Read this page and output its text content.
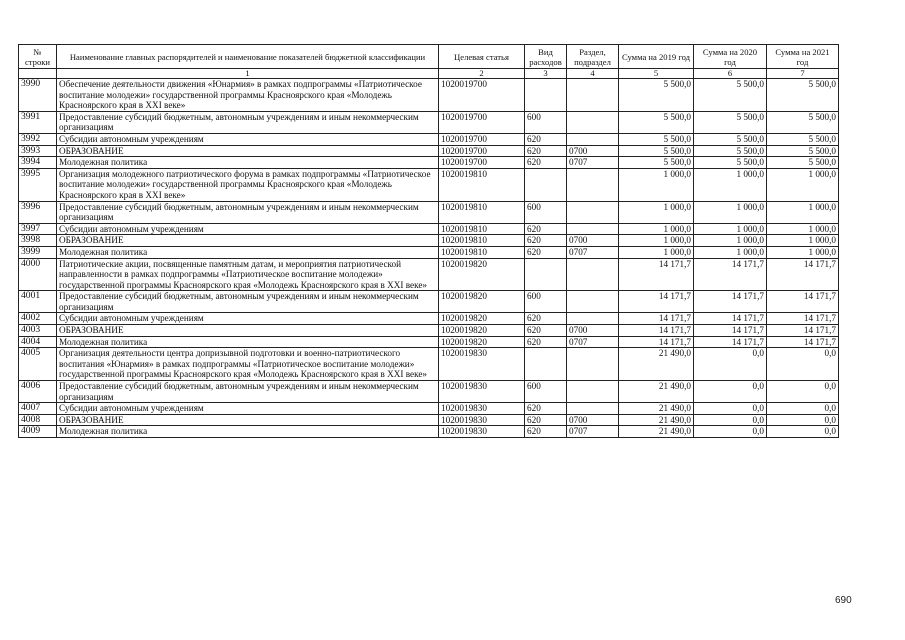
№ строки	Наименование главных распорядителей и наименование показателей бюджетной классификации	Целевая статья	Вид расходов	Раздел, подраздел	Сумма на 2019 год	Сумма на 2020 год	Сумма на 2021 год
	1	2	3	4	5	6	7
3990	Обеспечение деятельности движения «Юнармия» в рамках подпрограммы «Патриотическое воспитание молодежи» государственной программы Красноярского края «Молодежь Красноярского края в XXI веке»	1020019700			5 500,0	5 500,0	5 500,0
3991	Предоставление субсидий бюджетным, автономным учреждениям и иным некоммерческим организациям	1020019700	600		5 500,0	5 500,0	5 500,0
3992	Субсидии автономным учреждениям	1020019700	620		5 500,0	5 500,0	5 500,0
3993	ОБРАЗОВАНИЕ	1020019700	620	0700	5 500,0	5 500,0	5 500,0
3994	Молодежная политика	1020019700	620	0707	5 500,0	5 500,0	5 500,0
3995	Организация молодежного патриотического форума в рамках подпрограммы «Патриотическое воспитание молодежи» государственной программы Красноярского края «Молодежь Красноярского края в XXI веке»	1020019810			1 000,0	1 000,0	1 000,0
3996	Предоставление субсидий бюджетным, автономным учреждениям и иным некоммерческим организациям	1020019810	600		1 000,0	1 000,0	1 000,0
3997	Субсидии автономным учреждениям	1020019810	620		1 000,0	1 000,0	1 000,0
3998	ОБРАЗОВАНИЕ	1020019810	620	0700	1 000,0	1 000,0	1 000,0
3999	Молодежная политика	1020019810	620	0707	1 000,0	1 000,0	1 000,0
4000	Патриотические акции, посвященные памятным датам, и мероприятия патриотической направленности в рамках подпрограммы «Патриотическое воспитание молодежи» государственной программы Красноярского края «Молодежь Красноярского края в XXI веке»	1020019820			14 171,7	14 171,7	14 171,7
4001	Предоставление субсидий бюджетным, автономным учреждениям и иным некоммерческим организациям	1020019820	600		14 171,7	14 171,7	14 171,7
4002	Субсидии автономным учреждениям	1020019820	620		14 171,7	14 171,7	14 171,7
4003	ОБРАЗОВАНИЕ	1020019820	620	0700	14 171,7	14 171,7	14 171,7
4004	Молодежная политика	1020019820	620	0707	14 171,7	14 171,7	14 171,7
4005	Организация деятельности центра допризывной подготовки и военно-патриотического воспитания «Юнармия» в рамках подпрограммы «Патриотическое воспитание молодежи» государственной программы Красноярского края «Молодежь Красноярского края в XXI веке»	1020019830			21 490,0	0,0	0,0
4006	Предоставление субсидий бюджетным, автономным учреждениям и иным некоммерческим организациям	1020019830	600		21 490,0	0,0	0,0
4007	Субсидии автономным учреждениям	1020019830	620		21 490,0	0,0	0,0
4008	ОБРАЗОВАНИЕ	1020019830	620	0700	21 490,0	0,0	0,0
4009	Молодежная политика	1020019830	620	0707	21 490,0	0,0	0,0
690
